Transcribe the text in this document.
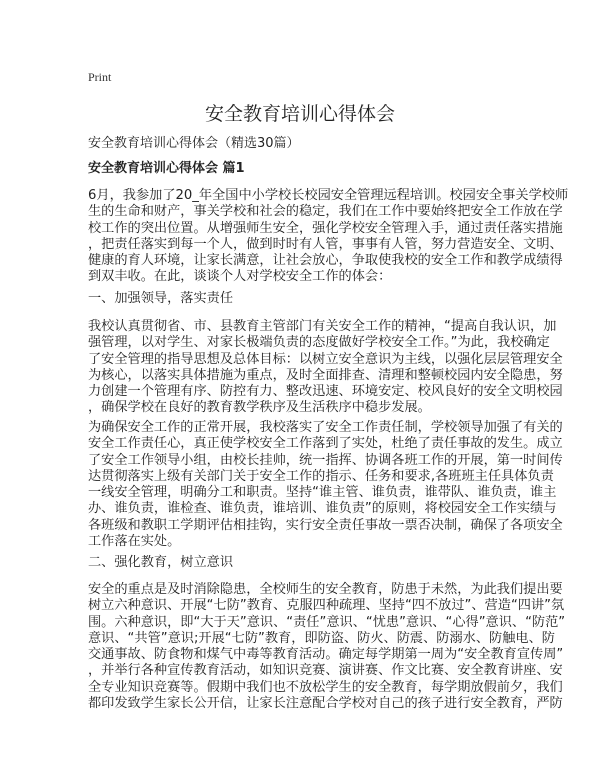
Print
安全教育培训心得体会
安全教育培训心得体会（精选30篇）
安全教育培训心得体会 篇1
6月，我参加了20_年全国中小学校长校园安全管理远程培训。校园安全事关学校师
生的生命和财产，事关学校和社会的稳定，我们在工作中要始终把安全工作放在学
校工作的突出位置。从增强师生安全，强化学校安全管理入手，通过责任落实措施
，把责任落实到每一个人，做到时时有人管，事事有人管，努力营造安全、文明、
健康的育人环境，让家长满意，让社会放心，争取使我校的安全工作和教学成绩得
到双丰收。在此，谈谈个人对学校安全工作的体会：
一、加强领导，落实责任
我校认真贯彻省、市、县教育主管部门有关安全工作的精神，“提高自我认识，加
强管理，以对学生、对家长极端负责的态度做好学校安全工作。”为此，我校确定
了安全管理的指导思想及总体目标：以树立安全意识为主线，以强化层层管理安全
为核心，以落实具体措施为重点，及时全面排查、清理和整顿校园内安全隐患，努
力创建一个管理有序、防控有力、整改迅速、环境安定、校风良好的安全文明校园
，确保学校在良好的教育教学秩序及生活秩序中稳步发展。
为确保安全工作的正常开展，我校落实了安全工作责任制，学校领导加强了有关的
安全工作责任心，真正使学校安全工作落到了实处，杜绝了责任事故的发生。成立
了安全工作领导小组，由校长挂帅，统一指挥、协调各班工作的开展，第一时间传
达贯彻落实上级有关部门关于安全工作的指示、任务和要求,各班班主任具体负责
一线安全管理，明确分工和职责。坚持“谁主管、谁负责，谁带队、谁负责，谁主
办、谁负责，谁检查、谁负责，谁培训、谁负责”的原则，将校园安全工作实绩与
各班级和教职工学期评估相挂钩，实行安全责任事故一票否决制，确保了各项安全
工作落在实处。
二、强化教育，树立意识
安全的重点是及时消除隐患，全校师生的安全教育，防患于未然，为此我们提出要
树立六种意识、开展“七防”教育、克服四种疏理、坚持“四不放过”、营造“四讲”氛
围。六种意识，即“大于天”意识、“责任”意识、“忧患”意识、“心得”意识、“防范”
意识、“共管”意识;开展“七防”教育，即防盗、防火、防震、防溺水、防触电、防
交通事故、防食物和煤气中毒等教育活动。确定每学期第一周为“安全教育宣传周”
，并举行各种宣传教育活动，如知识竞赛、演讲赛、作文比赛、安全教育讲座、安
全专业知识竞赛等。假期中我们也不放松学生的安全教育，每学期放假前夕，我们
都印发致学生家长公开信，让家长注意配合学校对自己的孩子进行安全教育，严防
